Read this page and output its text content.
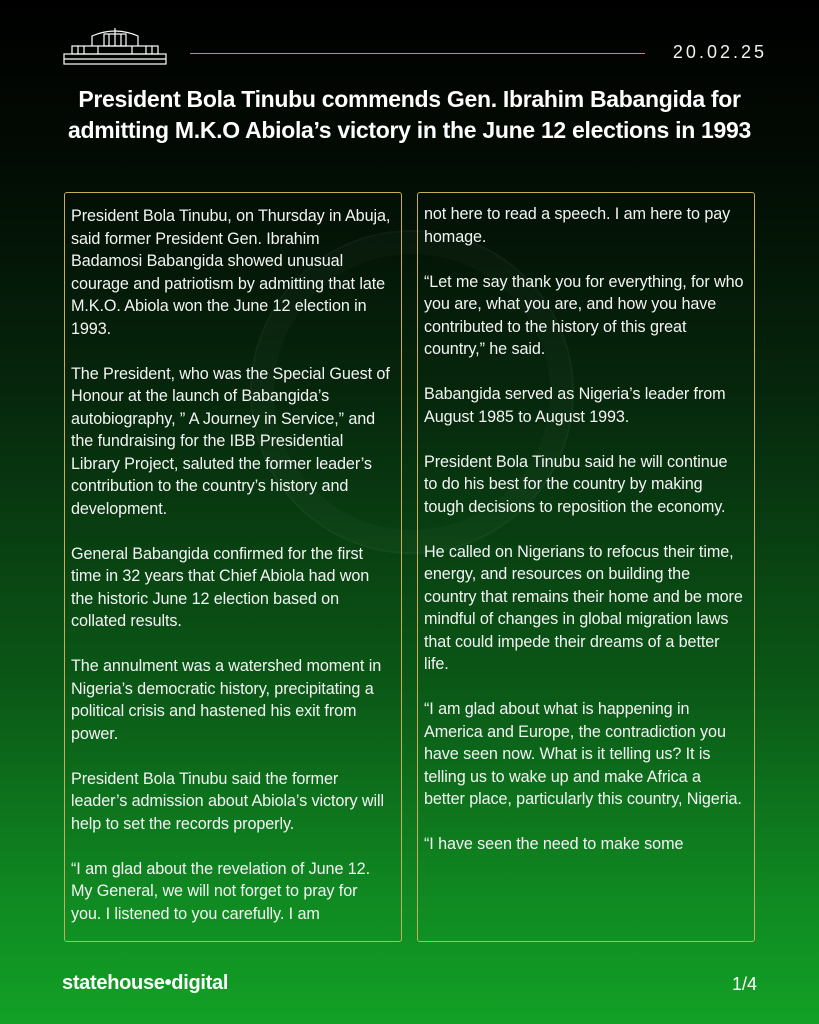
20.02.25
President Bola Tinubu commends Gen. Ibrahim Babangida for admitting M.K.O Abiola’s victory in the June 12 elections in 1993

President Bola Tinubu, on Thursday in Abuja, said former President Gen. Ibrahim Badamosi Babangida showed unusual courage and patriotism by admitting that late M.K.O. Abiola won the June 12 election in 1993.

The President, who was the Special Guest of Honour at the launch of Babangida’s autobiography, ” A Journey in Service,” and the fundraising for the IBB Presidential Library Project, saluted the former leader’s contribution to the country’s history and development.

General Babangida confirmed for the first time in 32 years that Chief Abiola had won the historic June 12 election based on collated results.

The annulment was a watershed moment in Nigeria’s democratic history, precipitating a political crisis and hastened his exit from power.

President Bola Tinubu said the former leader’s admission about Abiola’s victory will help to set the records properly.

“I am glad about the revelation of June 12. My General, we will not forget to pray for you. I listened to you carefully. I am

not here to read a speech. I am here to pay homage.

“Let me say thank you for everything, for who you are, what you are, and how you have contributed to the history of this great country,” he said.

Babangida served as Nigeria’s leader from August 1985 to August 1993.

President Bola Tinubu said he will continue to do his best for the country by making tough decisions to reposition the economy.

He called on Nigerians to refocus their time, energy, and resources on building the country that remains their home and be more mindful of changes in global migration laws that could impede their dreams of a better life.

“I am glad about what is happening in America and Europe, the contradiction you have seen now. What is it telling us? It is telling us to wake up and make Africa a better place, particularly this country, Nigeria.

“I have seen the need to make some

statehouse•digital	1/4
